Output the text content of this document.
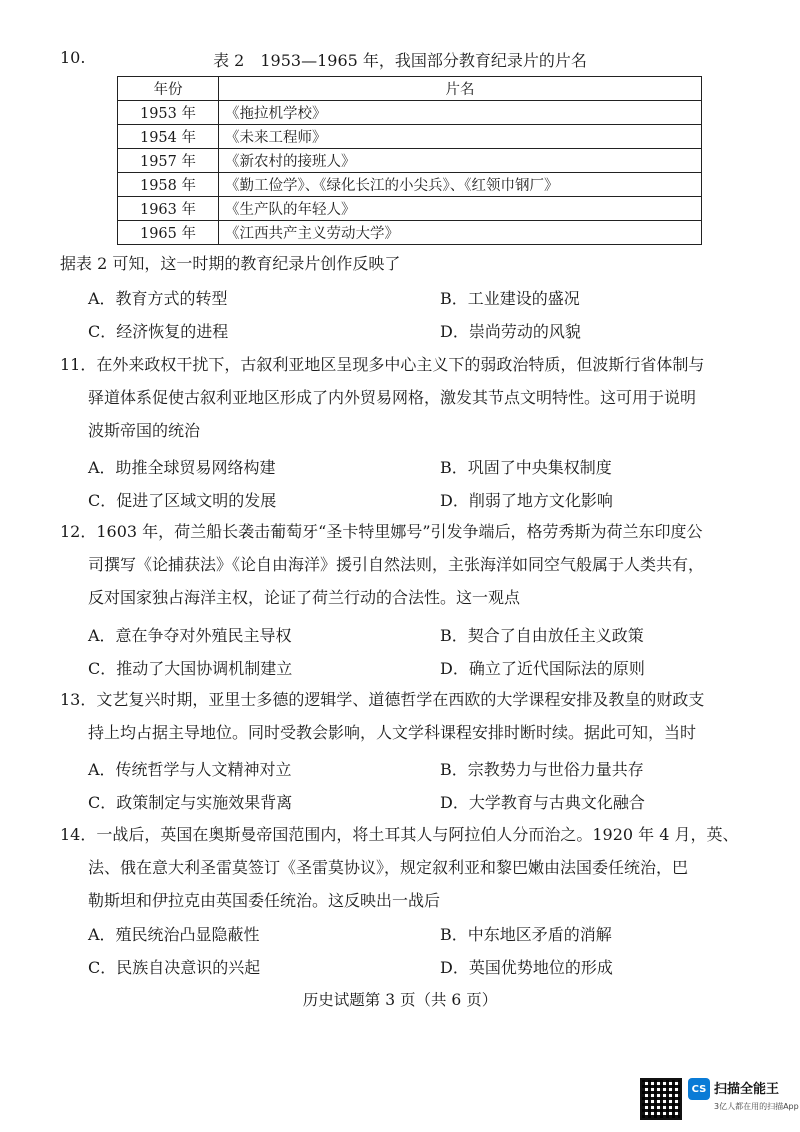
10.	表 2　1953—1965 年，我国部分教育纪录片的片名
年份	片名
1953 年	《拖拉机学校》
1954 年	《未来工程师》
1957 年	《新农村的接班人》
1958 年	《勤工俭学》、《绿化长江的小尖兵》、《红领巾钢厂》
1963 年	《生产队的年轻人》
1965 年	《江西共产主义劳动大学》
据表 2 可知，这一时期的教育纪录片创作反映了
A．教育方式的转型	B．工业建设的盛况
C．经济恢复的进程	D．崇尚劳动的风貌
11．在外来政权干扰下，古叙利亚地区呈现多中心主义下的弱政治特质，但波斯行省体制与
驿道体系促使古叙利亚地区形成了内外贸易网格，激发其节点文明特性。这可用于说明
波斯帝国的统治
A．助推全球贸易网络构建	B．巩固了中央集权制度
C．促进了区域文明的发展	D．削弱了地方文化影响
12．1603 年，荷兰船长袭击葡萄牙“圣卡特里娜号”引发争端后，格劳秀斯为荷兰东印度公
司撰写《论捕获法》《论自由海洋》援引自然法则，主张海洋如同空气般属于人类共有，
反对国家独占海洋主权，论证了荷兰行动的合法性。这一观点
A．意在争夺对外殖民主导权	B．契合了自由放任主义政策
C．推动了大国协调机制建立	D．确立了近代国际法的原则
13．文艺复兴时期，亚里士多德的逻辑学、道德哲学在西欧的大学课程安排及教皇的财政支
持上均占据主导地位。同时受教会影响，人文学科课程安排时断时续。据此可知，当时
A．传统哲学与人文精神对立	B．宗教势力与世俗力量共存
C．政策制定与实施效果背离	D．大学教育与古典文化融合
14．一战后，英国在奥斯曼帝国范围内，将土耳其人与阿拉伯人分而治之。1920 年 4 月，英、
法、俄在意大利圣雷莫签订《圣雷莫协议》，规定叙利亚和黎巴嫩由法国委任统治，巴
勒斯坦和伊拉克由英国委任统治。这反映出一战后
A．殖民统治凸显隐蔽性	B．中东地区矛盾的消解
C．民族自决意识的兴起	D．英国优势地位的形成
历史试题第 3 页（共 6 页）
CS 扫描全能王
3亿人都在用的扫描App
